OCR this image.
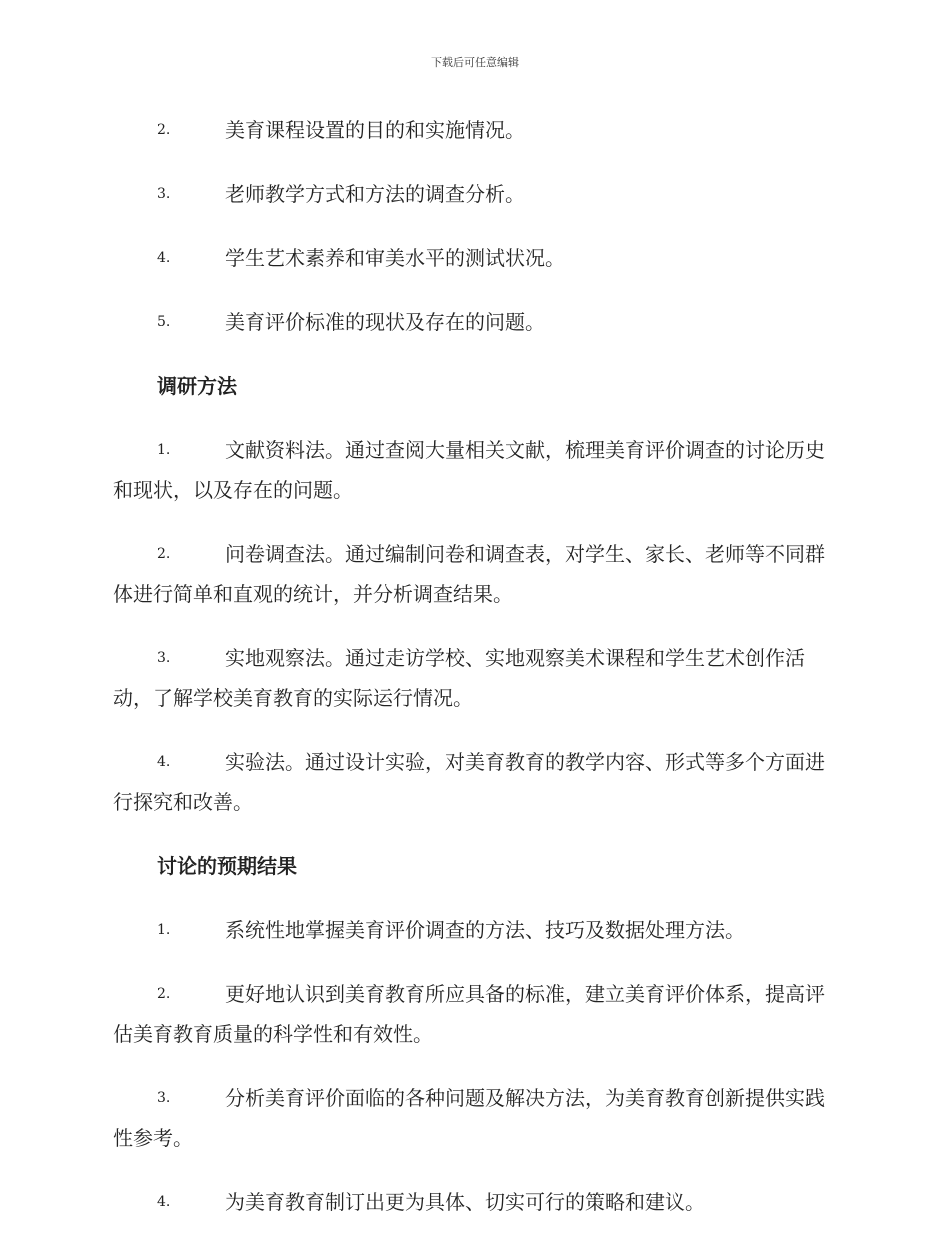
下载后可任意编辑

2.	美育课程设置的目的和实施情况。

3.	老师教学方式和方法的调查分析。

4.	学生艺术素养和审美水平的测试状况。

5.	美育评价标准的现状及存在的问题。

调研方法

1.	文献资料法。通过查阅大量相关文献，梳理美育评价调查的讨论历史和现状，以及存在的问题。

2.	问卷调查法。通过编制问卷和调查表，对学生、家长、老师等不同群体进行简单和直观的统计，并分析调查结果。

3.	实地观察法。通过走访学校、实地观察美术课程和学生艺术创作活动，了解学校美育教育的实际运行情况。

4.	实验法。通过设计实验，对美育教育的教学内容、形式等多个方面进行探究和改善。

讨论的预期结果

1.	系统性地掌握美育评价调查的方法、技巧及数据处理方法。

2.	更好地认识到美育教育所应具备的标准，建立美育评价体系，提高评估美育教育质量的科学性和有效性。

3.	分析美育评价面临的各种问题及解决方法，为美育教育创新提供实践性参考。

4.	为美育教育制订出更为具体、切实可行的策略和建议。
